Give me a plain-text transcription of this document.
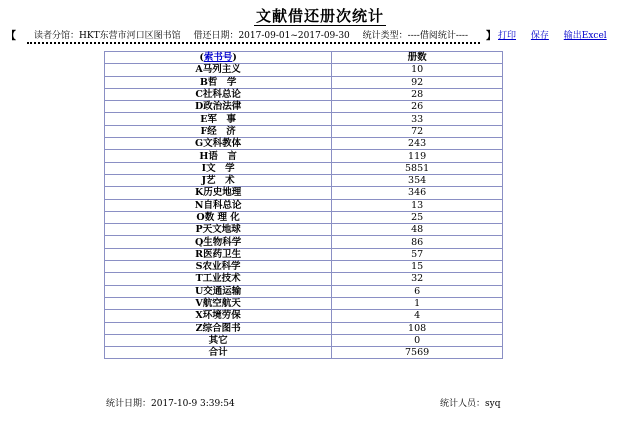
文献借还册次统计
【 读者分馆：HKT东营市河口区图书馆 借还日期：2017-09-01~2017-09-30 统计类型：----借阅统计----	】 打印 保存 输出Excel
(索书号)	册数
A马列主义	10
B哲　学	92
C社科总论	28
D政治法律	26
E军　事	33
F经　济	72
G文科教体	243
H语　言	119
I文　学	5851
J艺　术	354
K历史地理	346
N自科总论	13
O数 理 化	25
P天文地球	48
Q生物科学	86
R医药卫生	57
S农业科学	15
T工业技术	32
U交通运输	6
V航空航天	1
X环境劳保	4
Z综合图书	108
其它	0
合计	7569
统计日期：2017-10-9 3:39:54	统计人员：syq
